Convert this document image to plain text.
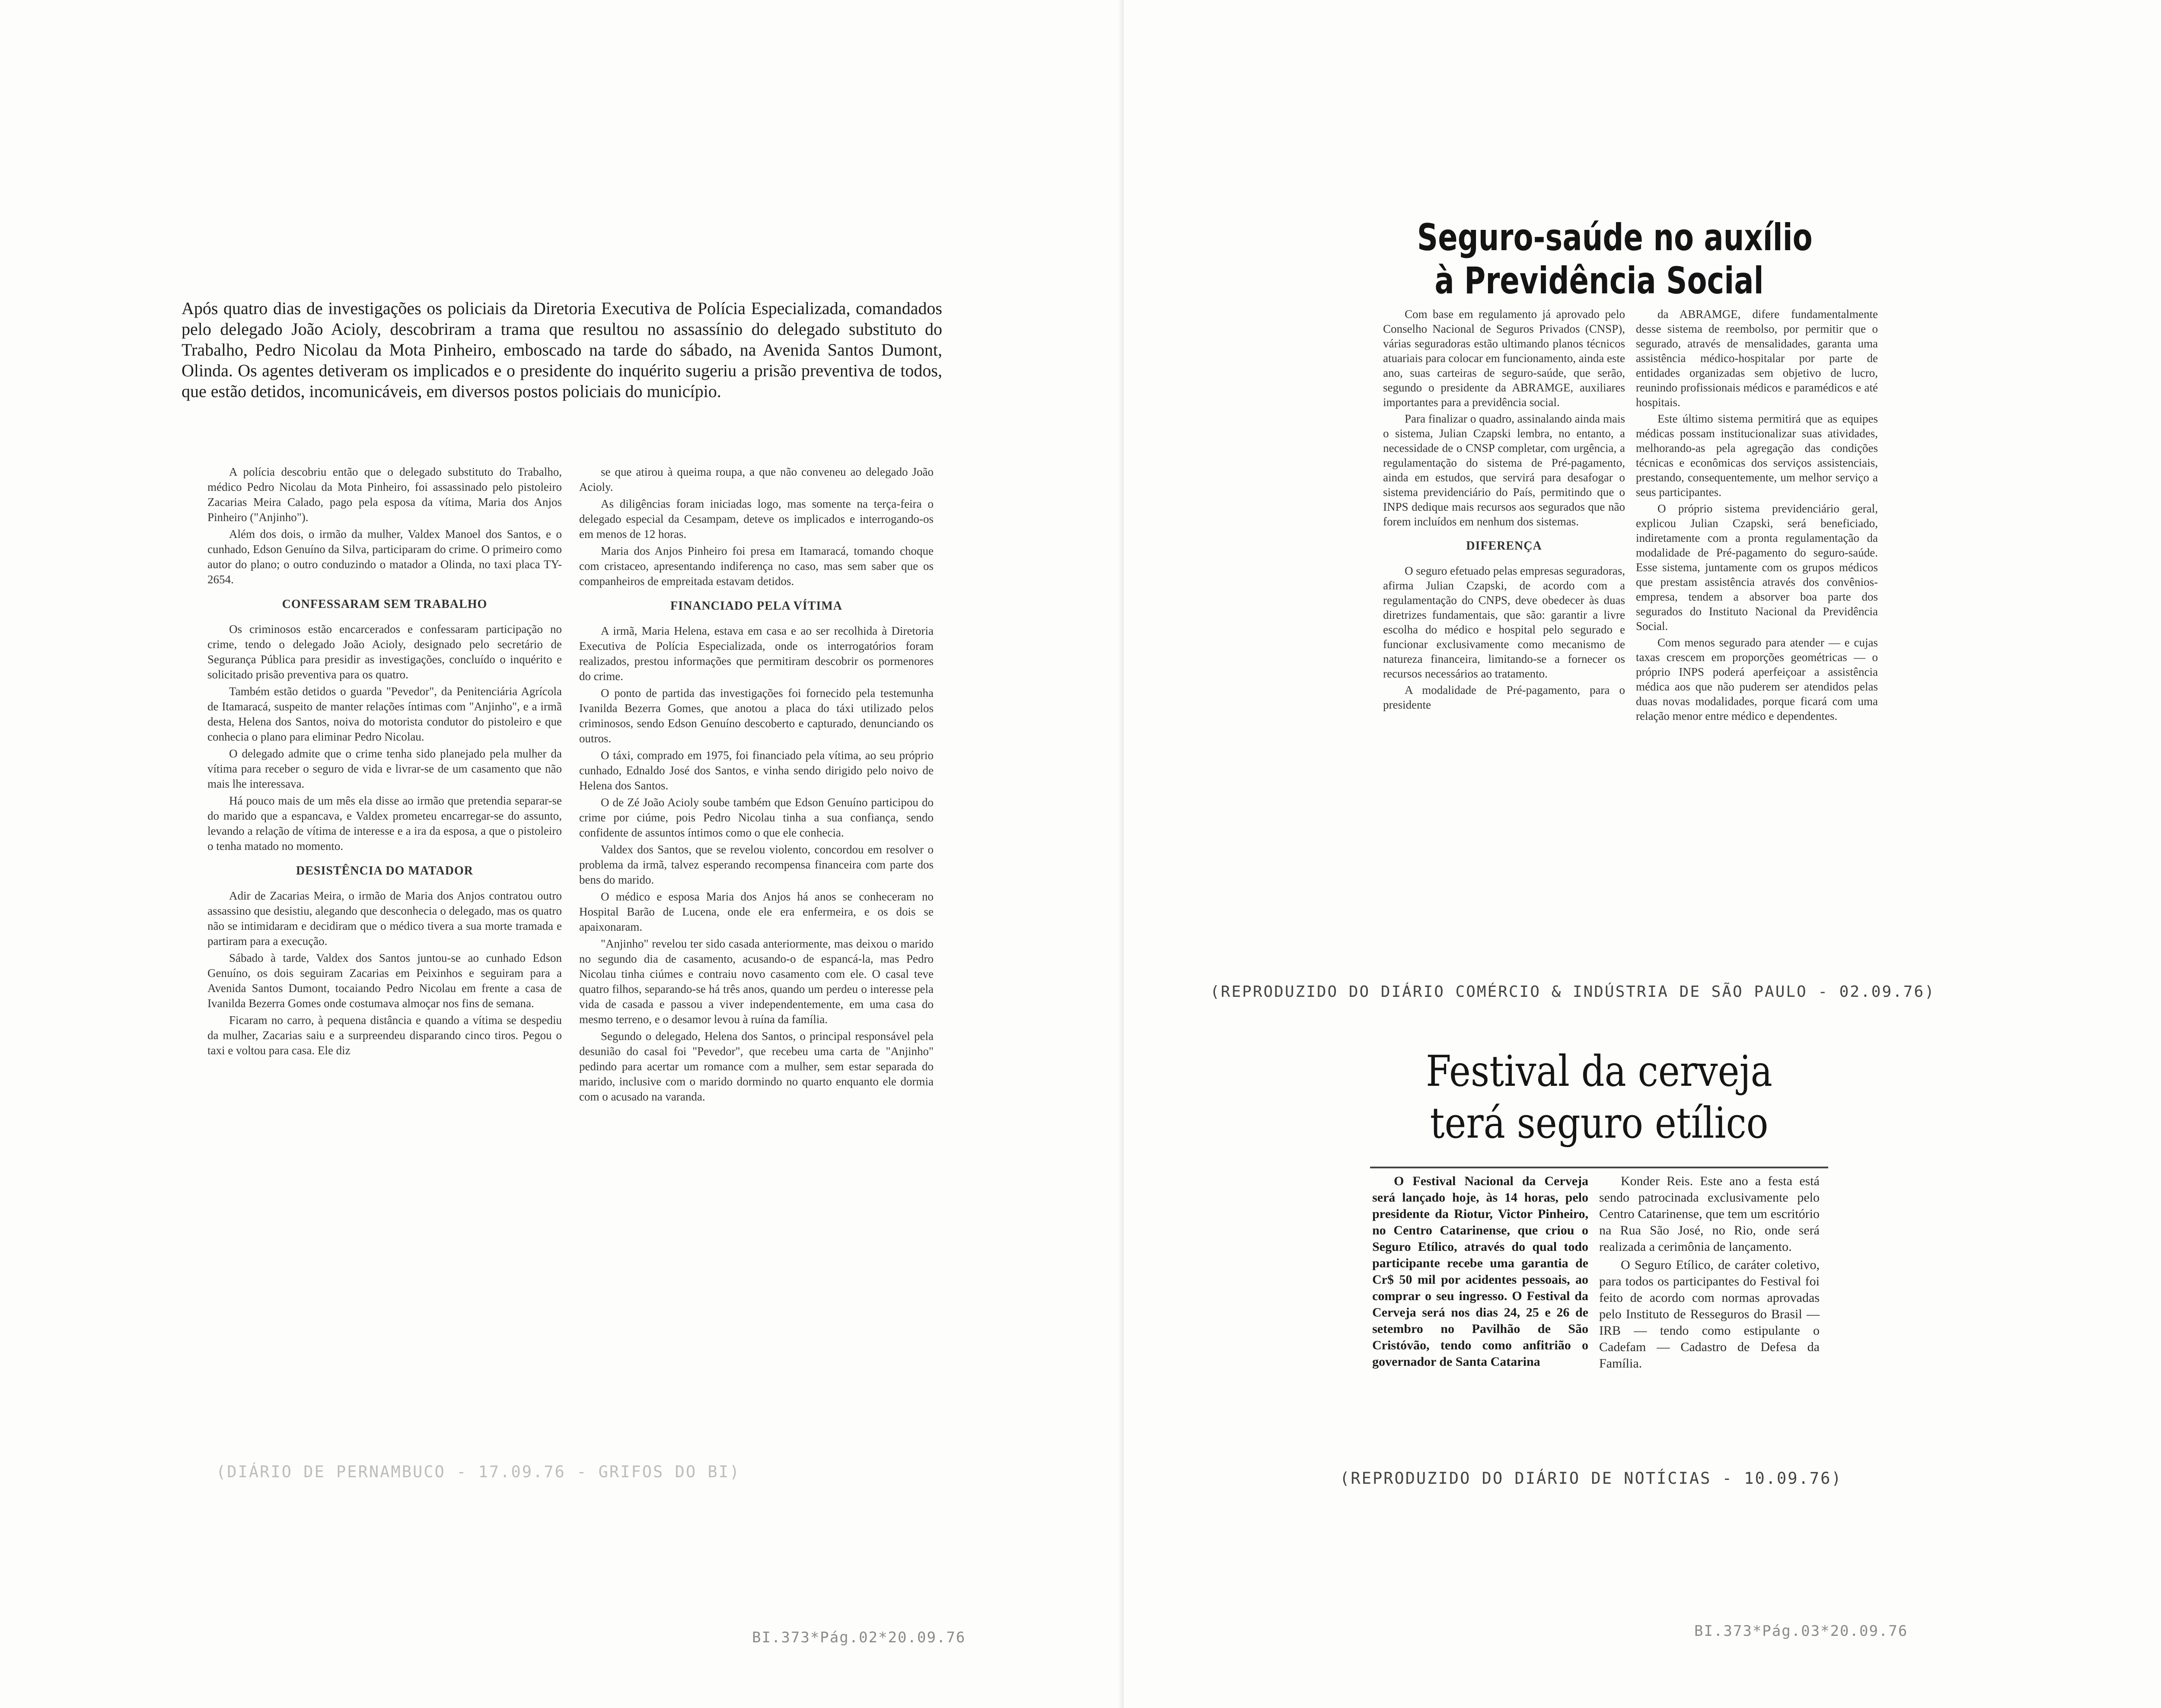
Após quatro dias de investigações os policiais da Diretoria Executiva de Polícia Especializada, comandados pelo delegado João Acioly, descobriram a trama que resultou no assassínio do delegado substituto do Trabalho, Pedro Nicolau da Mota Pinheiro, emboscado na tarde do sábado, na Avenida Santos Dumont, Olinda. Os agentes detiveram os implicados e o presidente do inquérito sugeriu a prisão preventiva de todos, que estão detidos, incomunicáveis, em diversos postos policiais do município.

A polícia descobriu então que o delegado substituto do Trabalho, médico Pedro Nicolau da Mota Pinheiro, foi assassinado pelo pistoleiro Zacarias Meira Calado, pago pela esposa da vítima, Maria dos Anjos Pinheiro ("Anjinho").

Além dos dois, o irmão da mulher, Valdex Manoel dos Santos, e o cunhado, Edson Genuíno da Silva, participaram do crime. O primeiro como autor do plano; o outro conduzindo o matador a Olinda, no taxi placa TY-2654.

CONFESSARAM SEM TRABALHO

Os criminosos estão encarcerados e confessaram participação no crime, tendo o delegado João Acioly, designado pelo secretário de Segurança Pública para presidir as investigações, concluído o inquérito e solicitado prisão preventiva para os quatro.

Também estão detidos o guarda "Pevedor", da Penitenciária Agrícola de Itamaracá, suspeito de manter relações íntimas com "Anjinho", e a irmã desta, Helena dos Santos, noiva do motorista condutor do pistoleiro e que conhecia o plano para eliminar Pedro Nicolau.

O delegado admite que o crime tenha sido planejado pela mulher da vítima para receber o seguro de vida e livrar-se de um casamento que não mais lhe interessava.

Há pouco mais de um mês ela disse ao irmão que pretendia separar-se do marido que a espancava, e Valdex prometeu encarregar-se do assunto, levando a relação de vítima de interesse e a ira da esposa, a que o pistoleiro o tenha matado no momento.

DESISTÊNCIA DO MATADOR

Adir de Zacarias Meira, o irmão de Maria dos Anjos contratou outro assassino que desistiu, alegando que desconhecia o delegado, mas os quatro não se intimidaram e decidiram que o médico tivera a sua morte tramada e partiram para a execução.

Sábado à tarde, Valdex dos Santos juntou-se ao cunhado Edson Genuíno, os dois seguiram Zacarias em Peixinhos e seguiram para a Avenida Santos Dumont, tocaiando Pedro Nicolau em frente a casa de Ivanilda Bezerra Gomes onde costumava almoçar nos fins de semana.

Ficaram no carro, à pequena distância e quando a vítima se despediu da mulher, Zacarias saiu e a surpreendeu disparando cinco tiros. Pegou o taxi e voltou para casa. Ele diz

se que atirou à queima roupa, a que não conveneu ao delegado João Acioly.

As diligências foram iniciadas logo, mas somente na terça-feira o delegado especial da Cesampam, deteve os implicados e interrogando-os em menos de 12 horas.

Maria dos Anjos Pinheiro foi presa em Itamaracá, tomando choque com cristaceo, apresentando indiferença no caso, mas sem saber que os companheiros de empreitada estavam detidos.

FINANCIADO PELA VÍTIMA

A irmã, Maria Helena, estava em casa e ao ser recolhida à Diretoria Executiva de Polícia Especializada, onde os interrogatórios foram realizados, prestou informações que permitiram descobrir os pormenores do crime.

O ponto de partida das investigações foi fornecido pela testemunha Ivanilda Bezerra Gomes, que anotou a placa do táxi utilizado pelos criminosos, sendo Edson Genuíno descoberto e capturado, denunciando os outros.

O táxi, comprado em 1975, foi financiado pela vítima, ao seu próprio cunhado, Ednaldo José dos Santos, e vinha sendo dirigido pelo noivo de Helena dos Santos.

O de Zé João Acioly soube também que Edson Genuíno participou do crime por ciúme, pois Pedro Nicolau tinha a sua confiança, sendo confidente de assuntos íntimos como o que ele conhecia.

Valdex dos Santos, que se revelou violento, concordou em resolver o problema da irmã, talvez esperando recompensa financeira com parte dos bens do marido.

O médico e esposa Maria dos Anjos há anos se conheceram no Hospital Barão de Lucena, onde ele era enfermeira, e os dois se apaixonaram.

"Anjinho" revelou ter sido casada anteriormente, mas deixou o marido no segundo dia de casamento, acusando-o de espancá-la, mas Pedro Nicolau tinha ciúmes e contraiu novo casamento com ele. O casal teve quatro filhos, separando-se há três anos, quando um perdeu o interesse pela vida de casada e passou a viver independentemente, em uma casa do mesmo terreno, e o desamor levou à ruína da família.

Segundo o delegado, Helena dos Santos, o principal responsável pela desunião do casal foi "Pevedor", que recebeu uma carta de "Anjinho" pedindo para acertar um romance com a mulher, sem estar separada do marido, inclusive com o marido dormindo no quarto enquanto ele dormia com o acusado na varanda.

(DIÁRIO DE PERNAMBUCO - 17.09.76 - GRIFOS DO BI)
BI.373*Pág.02*20.09.76
Seguro-saúde no auxílio
à Previdência Social

Com base em regulamento já aprovado pelo Conselho Nacional de Seguros Privados (CNSP), várias seguradoras estão ultimando planos técnicos atuariais para colocar em funcionamento, ainda este ano, suas carteiras de seguro-saúde, que serão, segundo o presidente da ABRAMGE, auxiliares importantes para a previdência social.

Para finalizar o quadro, assinalando ainda mais o sistema, Julian Czapski lembra, no entanto, a necessidade de o CNSP completar, com urgência, a regulamentação do sistema de Pré-pagamento, ainda em estudos, que servirá para desafogar o sistema previdenciário do País, permitindo que o INPS dedique mais recursos aos segurados que não forem incluídos em nenhum dos sistemas.

DIFERENÇA

O seguro efetuado pelas empresas seguradoras, afirma Julian Czapski, de acordo com a regulamentação do CNPS, deve obedecer às duas diretrizes fundamentais, que são: garantir a livre escolha do médico e hospital pelo segurado e funcionar exclusivamente como mecanismo de natureza financeira, limitando-se a fornecer os recursos necessários ao tratamento.

A modalidade de Pré-pagamento, para o presidente

da ABRAMGE, difere fundamentalmente desse sistema de reembolso, por permitir que o segurado, através de mensalidades, garanta uma assistência médico-hospitalar por parte de entidades organizadas sem objetivo de lucro, reunindo profissionais médicos e paramédicos e até hospitais.

Este último sistema permitirá que as equipes médicas possam institucionalizar suas atividades, melhorando-as pela agregação das condições técnicas e econômicas dos serviços assistenciais, prestando, consequentemente, um melhor serviço a seus participantes.

O próprio sistema previdenciário geral, explicou Julian Czapski, será beneficiado, indiretamente com a pronta regulamentação da modalidade de Pré-pagamento do seguro-saúde. Esse sistema, juntamente com os grupos médicos que prestam assistência através dos convênios-empresa, tendem a absorver boa parte dos segurados do Instituto Nacional da Previdência Social.

Com menos segurado para atender — e cujas taxas crescem em proporções geométricas — o próprio INPS poderá aperfeiçoar a assistência médica aos que não puderem ser atendidos pelas duas novas modalidades, porque ficará com uma relação menor entre médico e dependentes.

(REPRODUZIDO DO DIÁRIO COMÉRCIO & INDÚSTRIA DE SÃO PAULO - 02.09.76)
Festival da cerveja
terá seguro etílico

O Festival Nacional da Cerveja será lançado hoje, às 14 horas, pelo presidente da Riotur, Victor Pinheiro, no Centro Catarinense, que criou o Seguro Etílico, através do qual todo participante recebe uma garantia de Cr$ 50 mil por acidentes pessoais, ao comprar o seu ingresso. O Festival da Cerveja será nos dias 24, 25 e 26 de setembro no Pavilhão de São Cristóvão, tendo como anfitrião o governador de Santa Catarina

Konder Reis. Este ano a festa está sendo patrocinada exclusivamente pelo Centro Catarinense, que tem um escritório na Rua São José, no Rio, onde será realizada a cerimônia de lançamento.

O Seguro Etílico, de caráter coletivo, para todos os participantes do Festival foi feito de acordo com normas aprovadas pelo Instituto de Resseguros do Brasil — IRB — tendo como estipulante o Cadefam — Cadastro de Defesa da Família.

(REPRODUZIDO DO DIÁRIO DE NOTÍCIAS - 10.09.76)
BI.373*Pág.03*20.09.76
